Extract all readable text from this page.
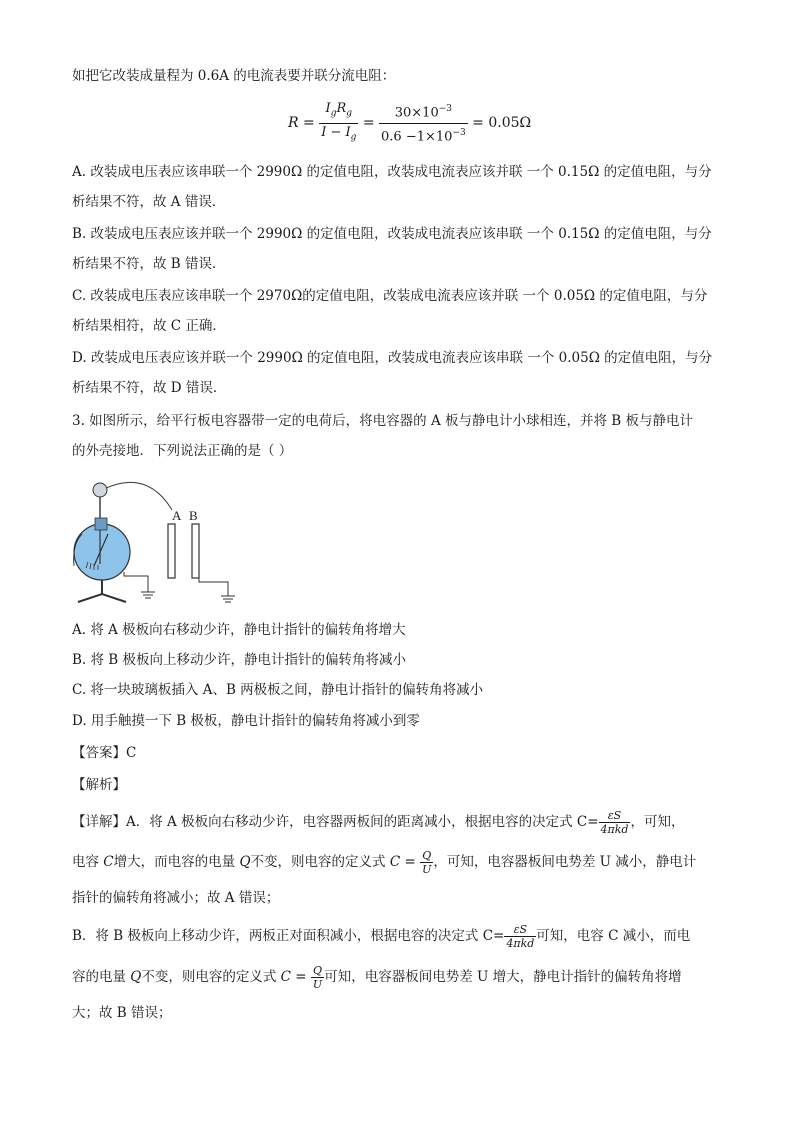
如把它改装成量程为 0.6A 的电流表要并联分流电阻：
$R = \frac{I_gR_g}{I - I_g} = \frac{30\times 10^{-3}}{0.6 -1\times 10^{-3}} = 0.05\Omega$
A. 改装成电压表应该串联一个 2990Ω 的定值电阻，改装成电流表应该并联 一个 0.15Ω 的定值电阻，与分
析结果不符，故 A 错误．
B. 改装成电压表应该并联一个 2990Ω 的定值电阻，改装成电流表应该串联 一个 0.15Ω 的定值电阻，与分
析结果不符，故 B 错误．
C. 改装成电压表应该串联一个 2970Ω的定值电阻，改装成电流表应该并联 一个 0.05Ω 的定值电阻，与分
析结果相符，故 C 正确．
D. 改装成电压表应该并联一个 2990Ω 的定值电阻，改装成电流表应该串联 一个 0.05Ω 的定值电阻，与分
析结果不符，故 D 错误．
3. 如图所示，给平行板电容器带一定的电荷后，将电容器的 A 板与静电计小球相连，并将 B 板与静电计
的外壳接地．下列说法正确的是（ ）
A B
A. 将 A 极板向右移动少许，静电计指针的偏转角将增大
B. 将 B 极板向上移动少许，静电计指针的偏转角将减小
C. 将一块玻璃板插入 A、B 两极板之间，静电计指针的偏转角将减小
D. 用手触摸一下 B 极板，静电计指针的偏转角将减小到零
【答案】C
【解析】
【详解】A．将 A 极板向右移动少许，电容器两板间的距离减小，根据电容的决定式 $C= \frac{\varepsilon S}{\text{4πkd}}$ ，可知，
电容 C增大，而电容的电量 Q不变，则电容的定义式 $C = \frac{Q}{U}$ ，可知，电容器板间电势差 U 减小，静电计
指针的偏转角将减小；故 A 错误；
B．将 B 极板向上移动少许，两板正对面积减小，根据电容的决定式 $C= \frac{\varepsilon S}{\text{4πkd}}$ 可知，电容 C 减小，而电
容的电量 Q不变，则电容的定义式 $C = \frac{Q}{U}$ 可知，电容器板间电势差 U 增大，静电计指针的偏转角将增
大；故 B 错误；
